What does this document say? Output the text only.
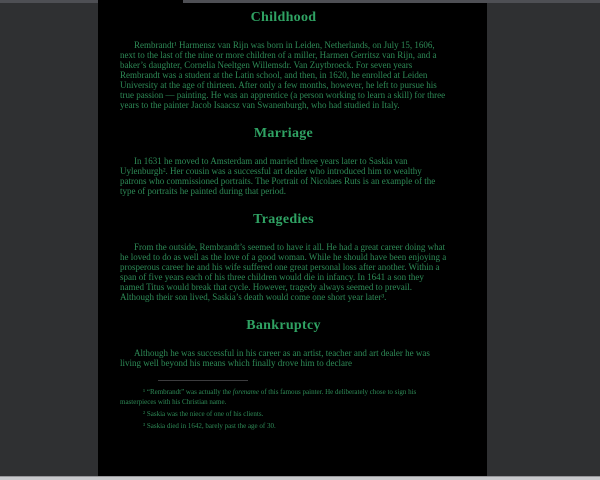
Childhood

Rembrandt¹ Harmensz van Rijn was born in Leiden, Netherlands, on July 15, 1606, next to the last of the nine or more children of a miller, Harmen Gerritsz van Rijn, and a baker’s daughter, Cornelia Neeltgen Willemsdr. Van Zuytbroeck. For seven years Rembrandt was a student at the Latin school, and then, in 1620, he enrolled at Leiden University at the age of thirteen. After only a few months, however, he left to pursue his true passion — painting. He was an apprentice (a person working to learn a skill) for three years to the painter Jacob Isaacsz van Swanenburgh, who had studied in Italy.

Marriage

In 1631 he moved to Amsterdam and married three years later to Saskia van Uylenburgh². Her cousin was a successful art dealer who introduced him to wealthy patrons who commissioned portraits. The Portrait of Nicolaes Ruts is an example of the type of portraits he painted during that period.

Tragedies

From the outside, Rembrandt’s seemed to have it all. He had a great career doing what he loved to do as well as the love of a good woman. While he should have been enjoying a prosperous career he and his wife suffered one great personal loss after another. Within a span of five years each of his three children would die in infancy. In 1641 a son they named Titus would break that cycle. However, tragedy always seemed to prevail. Although their son lived, Saskia’s death would come one short year later³.

Bankruptcy

Although he was successful in his career as an artist, teacher and art dealer he was living well beyond his means which finally drove him to declare

¹ “Rembrandt” was actually the forename of this famous painter. He deliberately chose to sign his masterpieces with his Christian name.
² Saskia was the niece of one of his clients.
³ Saskia died in 1642, barely past the age of 30.
